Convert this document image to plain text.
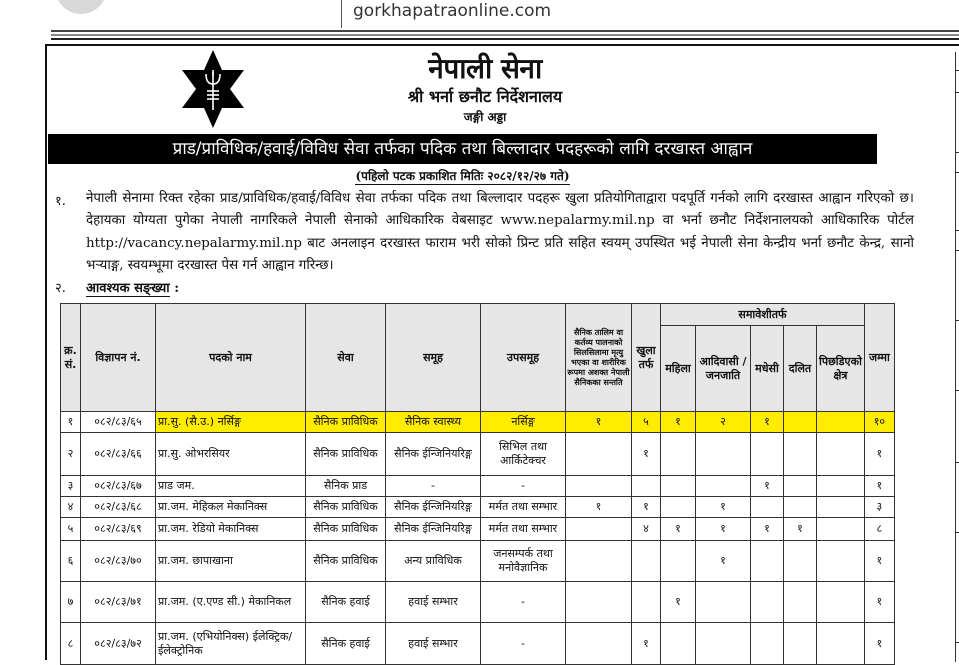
gorkhapatraonline.com
नेपाली सेना
श्री भर्ना छनौट निर्देशनालय
जङ्गी अड्डा
प्राड/प्राविधिक/हवाई/विविध सेवा तर्फका पदिक तथा बिल्लादार पदहरूको लागि दरखास्त आह्वान
(पहिलो पटक प्रकाशित मितिः २०८२/१२/२७ गते)
१. नेपाली सेनामा रिक्त रहेका प्राड/प्राविधिक/हवाई/विविध सेवा तर्फका पदिक तथा बिल्लादार पदहरू खुला प्रतियोगिताद्वारा पदपूर्ति गर्नको लागि दरखास्त आह्वान गरिएको छ। देहायका योग्यता पुगेका नेपाली नागरिकले नेपाली सेनाको आधिकारिक वेबसाइट www.nepalarmy.mil.np वा भर्ना छनौट निर्देशनालयको आधिकारिक पोर्टल http://vacancy.nepalarmy.mil.np बाट अनलाइन दरखास्त फाराम भरी सोको प्रिन्ट प्रति सहित स्वयम् उपस्थित भई नेपाली सेना केन्द्रीय भर्ना छनौट केन्द्र, सानो भऱ्याङ्ग, स्वयम्भूमा दरखास्त पेस गर्न आह्वान गरिन्छ।
२. आवश्यक सङ्ख्या :
क्र. सं.	विज्ञापन नं.	पदको नाम	सेवा	समूह	उपसमूह	सैनिक तालिम वा कर्तव्य पालनाको सिलसिलामा मृत्यु भएका वा शारीरिक रूपमा अशक्त नेपाली सैनिकका सन्तति	खुला तर्फ	समावेशीतर्फ					जम्मा
								महिला	आदिवासी / जनजाति	मधेसी	दलित	पिछडिएको क्षेत्र	
१	०८२/८३/६५	प्रा.सु. (सै.उ.) नर्सिङ्ग	सैनिक प्राविधिक	सैनिक स्वास्थ्य	नर्सिङ्ग	१	५	१	२	१			१०
२	०८२/८३/६६	प्रा.सु. ओभरसियर	सैनिक प्राविधिक	सैनिक ईन्जिनियरिङ्ग	सिभिल तथा आर्किटेक्चर		१						१
३	०८२/८३/६७	प्राड जम.	सैनिक प्राड	-	-					१			१
४	०८२/८३/६८	प्रा.जम. मेहिकल मेकानिक्स	सैनिक प्राविधिक	सैनिक ईन्जिनियरिङ्ग	मर्मत तथा सम्भार	१	१		१				३
५	०८२/८३/६९	प्रा.जम. रेडियो मेकानिक्स	सैनिक प्राविधिक	सैनिक ईन्जिनियरिङ्ग	मर्मत तथा सम्भार		४	१	१	१	१		८
६	०८२/८३/७०	प्रा.जम. छापाखाना	सैनिक प्राविधिक	अन्य प्राविधिक	जनसम्पर्क तथा मनोवैज्ञानिक				१				१
७	०८२/८३/७१	प्रा.जम. (ए.एण्ड सी.) मेकानिकल	सैनिक हवाई	हवाई सम्भार	-			१					१
८	०८२/८३/७२	प्रा.जम. (एभियोनिक्स) ईलेक्ट्रिक/ईलेक्ट्रोनिक	सैनिक हवाई	हवाई सम्भार	-		१						१
